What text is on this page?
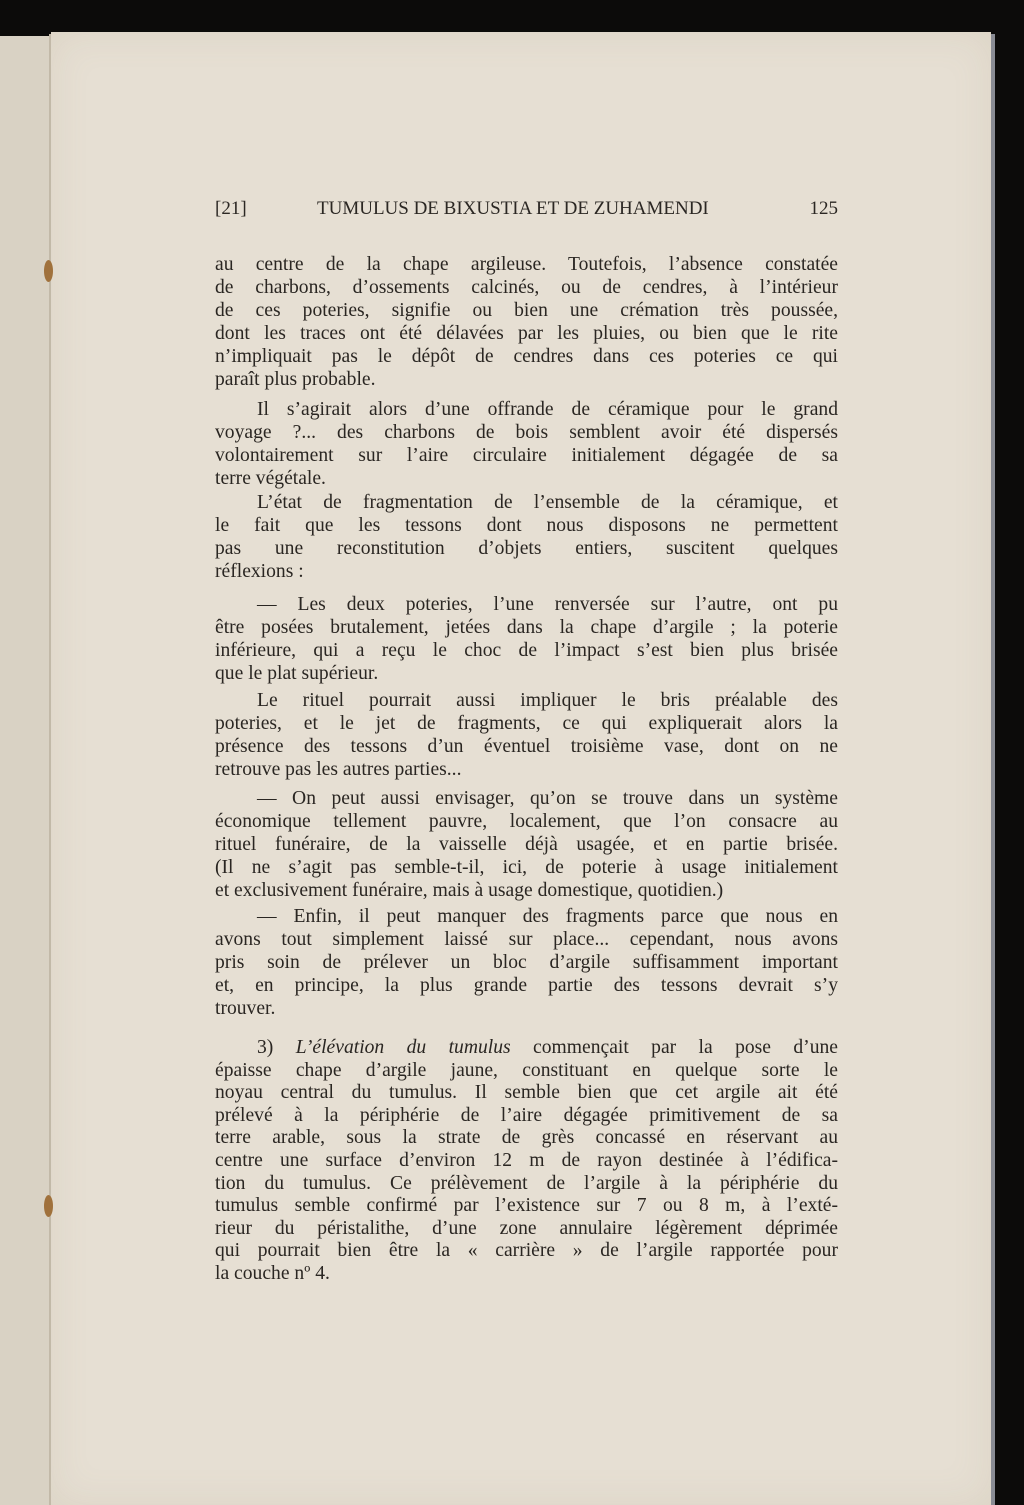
[21]	TUMULUS DE BIXUSTIA ET DE ZUHAMENDI	125
au centre de la chape argileuse. Toutefois, l’absence constatée
de charbons, d’ossements calcinés, ou de cendres, à l’intérieur
de ces poteries, signifie ou bien une crémation très poussée,
dont les traces ont été délavées par les pluies, ou bien que le rite
n’impliquait pas le dépôt de cendres dans ces poteries ce qui
paraît plus probable.
Il s’agirait alors d’une offrande de céramique pour le grand
voyage ?... des charbons de bois semblent avoir été dispersés
volontairement sur l’aire circulaire initialement dégagée de sa
terre végétale.
L’état de fragmentation de l’ensemble de la céramique, et
le fait que les tessons dont nous disposons ne permettent
pas une reconstitution d’objets entiers, suscitent quelques
réflexions :
— Les deux poteries, l’une renversée sur l’autre, ont pu
être posées brutalement, jetées dans la chape d’argile ; la poterie
inférieure, qui a reçu le choc de l’impact s’est bien plus brisée
que le plat supérieur.
Le rituel pourrait aussi impliquer le bris préalable des
poteries, et le jet de fragments, ce qui expliquerait alors la
présence des tessons d’un éventuel troisième vase, dont on ne
retrouve pas les autres parties...
— On peut aussi envisager, qu’on se trouve dans un système
économique tellement pauvre, localement, que l’on consacre au
rituel funéraire, de la vaisselle déjà usagée, et en partie brisée.
(Il ne s’agit pas semble-t-il, ici, de poterie à usage initialement
et exclusivement funéraire, mais à usage domestique, quotidien.)
— Enfin, il peut manquer des fragments parce que nous en
avons tout simplement laissé sur place... cependant, nous avons
pris soin de prélever un bloc d’argile suffisamment important
et, en principe, la plus grande partie des tessons devrait s’y
trouver.
3) L’élévation du tumulus commençait par la pose d’une
épaisse chape d’argile jaune, constituant en quelque sorte le
noyau central du tumulus. Il semble bien que cet argile ait été
prélevé à la périphérie de l’aire dégagée primitivement de sa
terre arable, sous la strate de grès concassé en réservant au
centre une surface d’environ 12 m de rayon destinée à l’édifica-
tion du tumulus. Ce prélèvement de l’argile à la périphérie du
tumulus semble confirmé par l’existence sur 7 ou 8 m, à l’exté-
rieur du péristalithe, d’une zone annulaire légèrement déprimée
qui pourrait bien être la « carrière » de l’argile rapportée pour
la couche nº 4.
